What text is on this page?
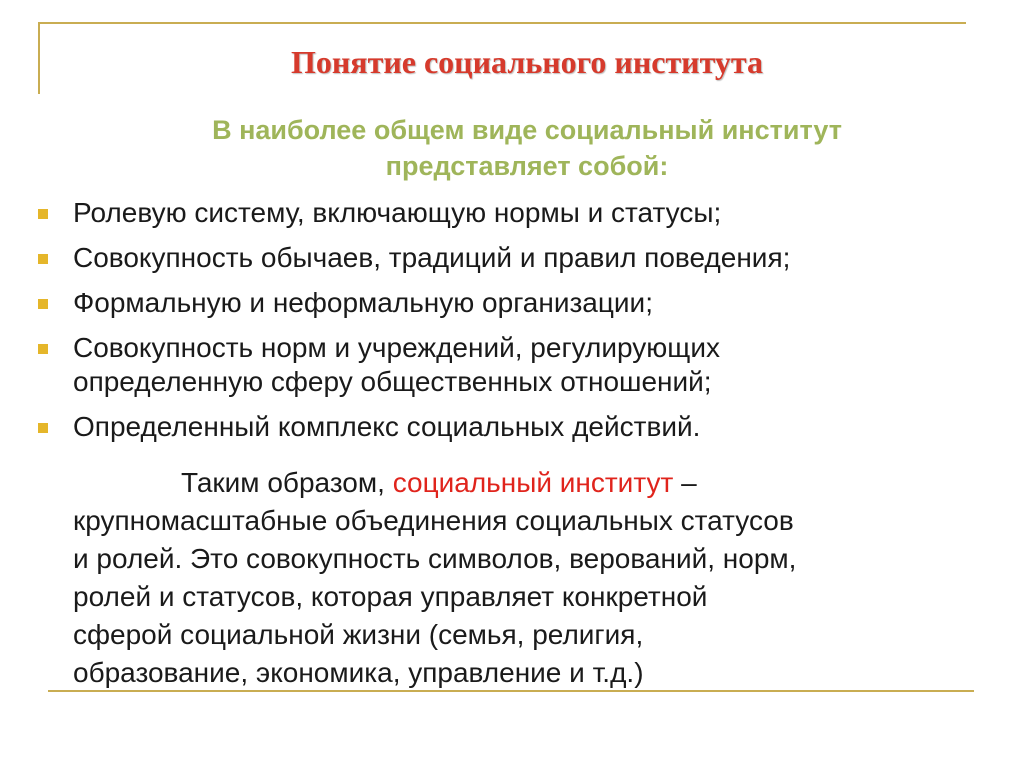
Понятие социального института

В наиболее общем виде социальный институт
представляет собой:

Ролевую систему, включающую нормы и статусы;
Совокупность обычаев, традиций и правил поведения;
Формальную и неформальную организации;
Совокупность норм и учреждений, регулирующих
определенную сферу общественных отношений;
Определенный комплекс социальных действий.

Таким образом, социальный институт –
крупномасштабные объединения социальных статусов
и ролей. Это совокупность символов, верований, норм,
ролей и статусов, которая управляет конкретной
сферой социальной жизни (семья, религия,
образование, экономика, управление и т.д.)
